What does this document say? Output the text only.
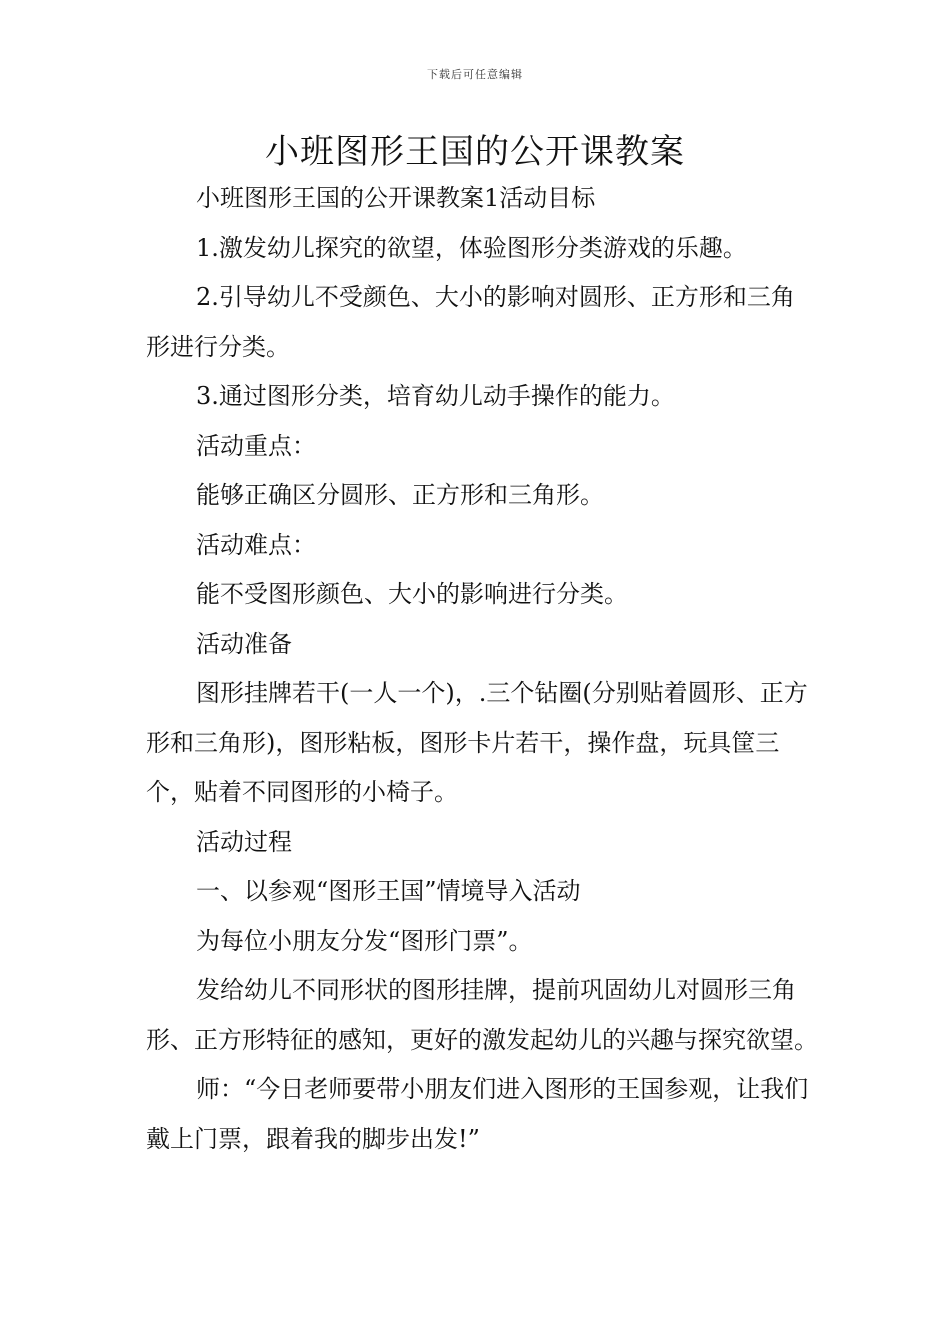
下载后可任意编辑
小班图形王国的公开课教案

小班图形王国的公开课教案1活动目标

1.激发幼儿探究的欲望，体验图形分类游戏的乐趣。

2.引导幼儿不受颜色、大小的影响对圆形、正方形和三角形进行分类。

3.通过图形分类，培育幼儿动手操作的能力。

活动重点：

能够正确区分圆形、正方形和三角形。

活动难点：

能不受图形颜色、大小的影响进行分类。

活动准备

图形挂牌若干(一人一个)，.三个钻圈(分别贴着圆形、正方形和三角形)，图形粘板，图形卡片若干，操作盘，玩具筐三个，贴着不同图形的小椅子。

活动过程

一、以参观“图形王国”情境导入活动

为每位小朋友分发“图形门票”。

发给幼儿不同形状的图形挂牌，提前巩固幼儿对圆形三角形、正方形特征的感知，更好的激发起幼儿的兴趣与探究欲望。

师：“今日老师要带小朋友们进入图形的王国参观，让我们戴上门票，跟着我的脚步出发!”
